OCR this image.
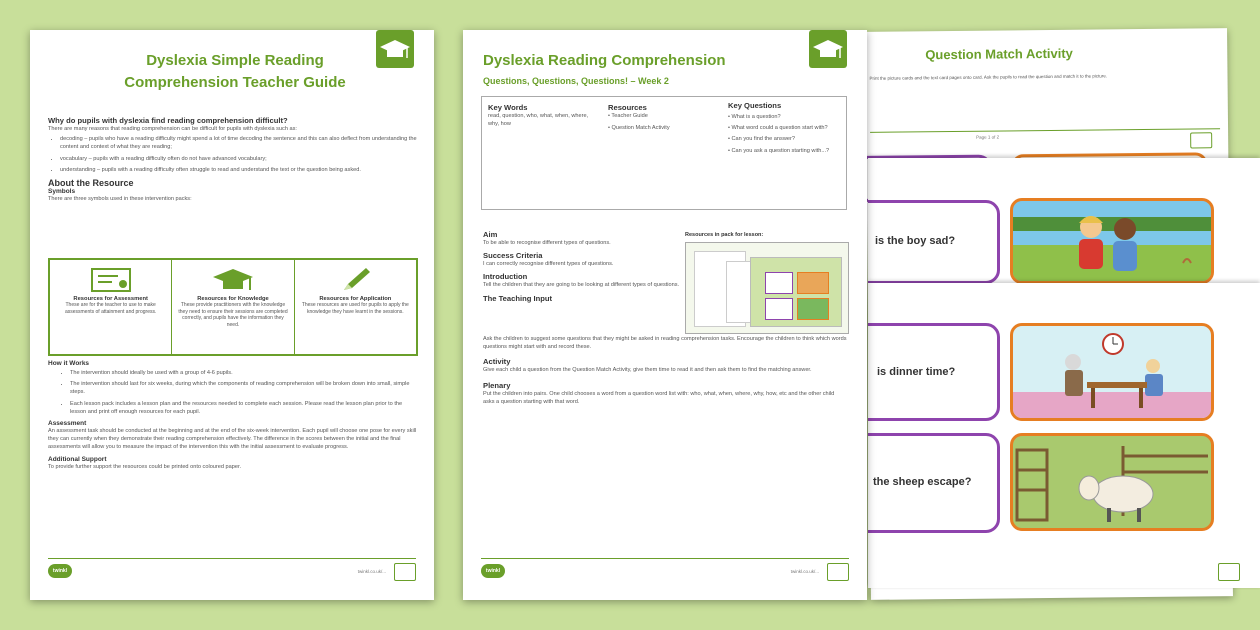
Question Match Activity
Print the picture cards and the text card pages onto card. Ask the pupils to read the question and match it to the picture.
Page 1 of 2
is the boy sad?
is dinner time?
the sheep escape?
Dyslexia Reading Comprehension
Questions, Questions, Questions! – Week 2
Key Words
read, question, who, what, when, where, why, how
Resources
• Teacher Guide
• Question Match Activity
Key Questions
• What is a question?
• What word could a question start with?
• Can you find the answer?
• Can you ask a question starting with...?
Aim
To be able to recognise different types of questions.
Success Criteria
I can correctly recognise different types of questions.
Introduction
Tell the children that they are going to be looking at different types of questions.
The Teaching Input
Resources in pack for lesson:
Ask the children to suggest some questions that they might be asked in reading comprehension tasks. Encourage the children to think which words questions might start with and record these.
Activity
Give each child a question from the Question Match Activity, give them time to read it and then ask them to find the matching answer.
Plenary
Put the children into pairs. One child chooses a word from a question word list with: who, what, when, where, why, how, etc and the other child asks a question starting with that word.
twinkl	twinkl.co.uk/...
Dyslexia Simple Reading
Comprehension Teacher Guide
Why do pupils with dyslexia find reading comprehension difficult?
There are many reasons that reading comprehension can be difficult for pupils with dyslexia such as:
• decoding – pupils who have a reading difficulty might spend a lot of time decoding the sentence and this can also deflect from understanding the content and context of what they are reading;
• vocabulary – pupils with a reading difficulty often do not have advanced vocabulary;
• understanding – pupils with a reading difficulty often struggle to read and understand the text or the question being asked.
About the Resource
Symbols
There are three symbols used in these intervention packs:
Resources for Assessment
These are for the teacher to use to make assessments of attainment and progress.
Resources for Knowledge
These provide practitioners with the knowledge they need to ensure their sessions are completed correctly, and pupils have the information they need.
Resources for Application
These resources are used for pupils to apply the knowledge they have learnt in the sessions.
How it Works
• The intervention should ideally be used with a group of 4-6 pupils.
• The intervention should last for six weeks, during which the components of reading comprehension will be broken down into small, simple steps.
• Each lesson pack includes a lesson plan and the resources needed to complete each session. Please read the lesson plan prior to the lesson and print off enough resources for each pupil.
Assessment
An assessment task should be conducted at the beginning and at the end of the six-week intervention. Each pupil will choose one pose for every skill they can currently when they demonstrate their reading comprehension effectively. The difference in the scores between the initial and the final assessments will allow you to measure the impact of the intervention this with the initial assessment to evaluate progress.
Additional Support
To provide further support the resources could be printed onto coloured paper.
twinkl	twinkl.co.uk/...
